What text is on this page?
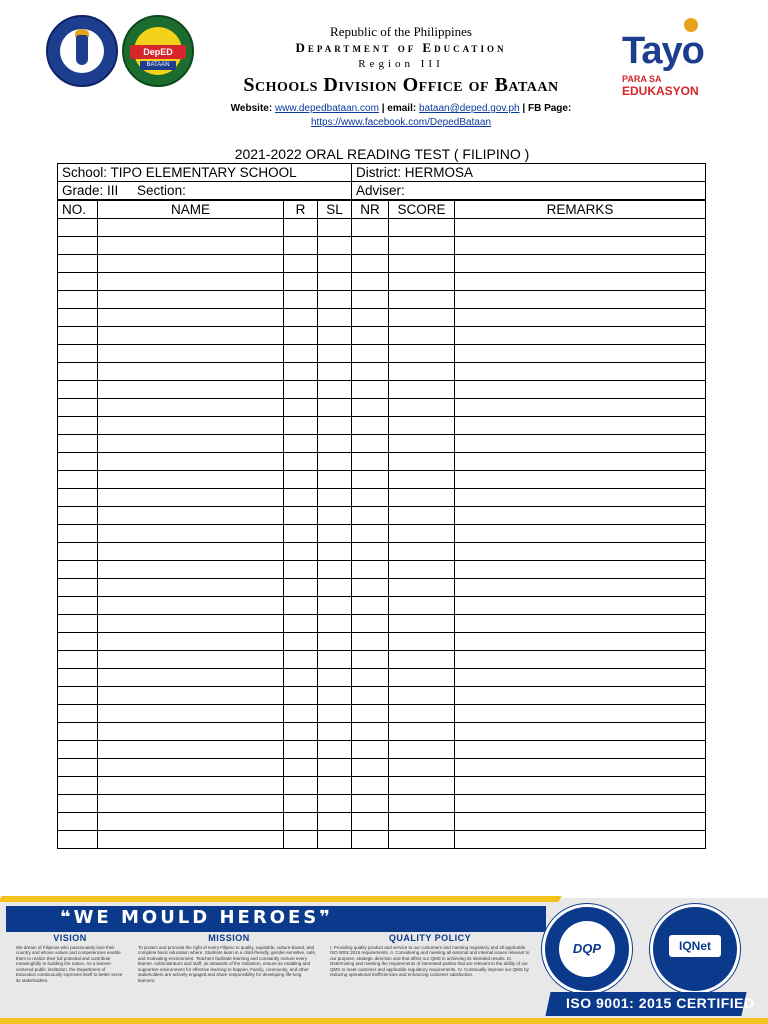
DepED
BATAAN
Republic of the Philippines
Department of Education
Region III
Schools Division Office of Bataan
Website: www.depedbataan.com | email: bataan@deped.gov.ph | FB Page:
https://www.facebook.com/DepedBataan
Tayo
PARA SA
EDUKASYON
2021-2022 ORAL READING TEST ( FILIPINO )
School: TIPO ELEMENTARY SCHOOL	District: HERMOSA
Grade: III Section:	Adviser:
NO.	NAME	R	SL	NR	SCORE	REMARKS

❝WE MOULD HEROES❞
VISION
We dream of Filipinos who passionately love their country and whose values and competencies enable them to realize their full potential and contribute meaningfully to building the nation. As a learner-centered public institution, the Department of Education continuously improves itself to better serve its stakeholders.
MISSION
To protect and promote the right of every Filipino to quality, equitable, culture-based, and complete basic education where: Students learn in a child-friendly, gender-sensitive, safe, and motivating environment. Teachers facilitate learning and constantly nurture every learner. Administrators and staff, as stewards of the institution, ensure an enabling and supportive environment for effective learning to happen. Family, community, and other stakeholders are actively engaged and share responsibility for developing life-long learners.
QUALITY POLICY
I. Providing quality product and service to our customers and meeting regulatory and all applicable ISO 9001:2015 requirements. II. Considering and meeting all external and internal issues relevant to our purpose, strategic direction and that affect our QMS in achieving its intended results. III. Determining and meeting the requirements of interested parties that are relevant to the ability of our QMS to meet customer and applicable regulatory requirements. IV. Continually improve our QMS by reducing operational inefficiencies and enhancing customer satisfaction.
DQP	IQNet
ISO 9001: 2015 CERTIFIED
